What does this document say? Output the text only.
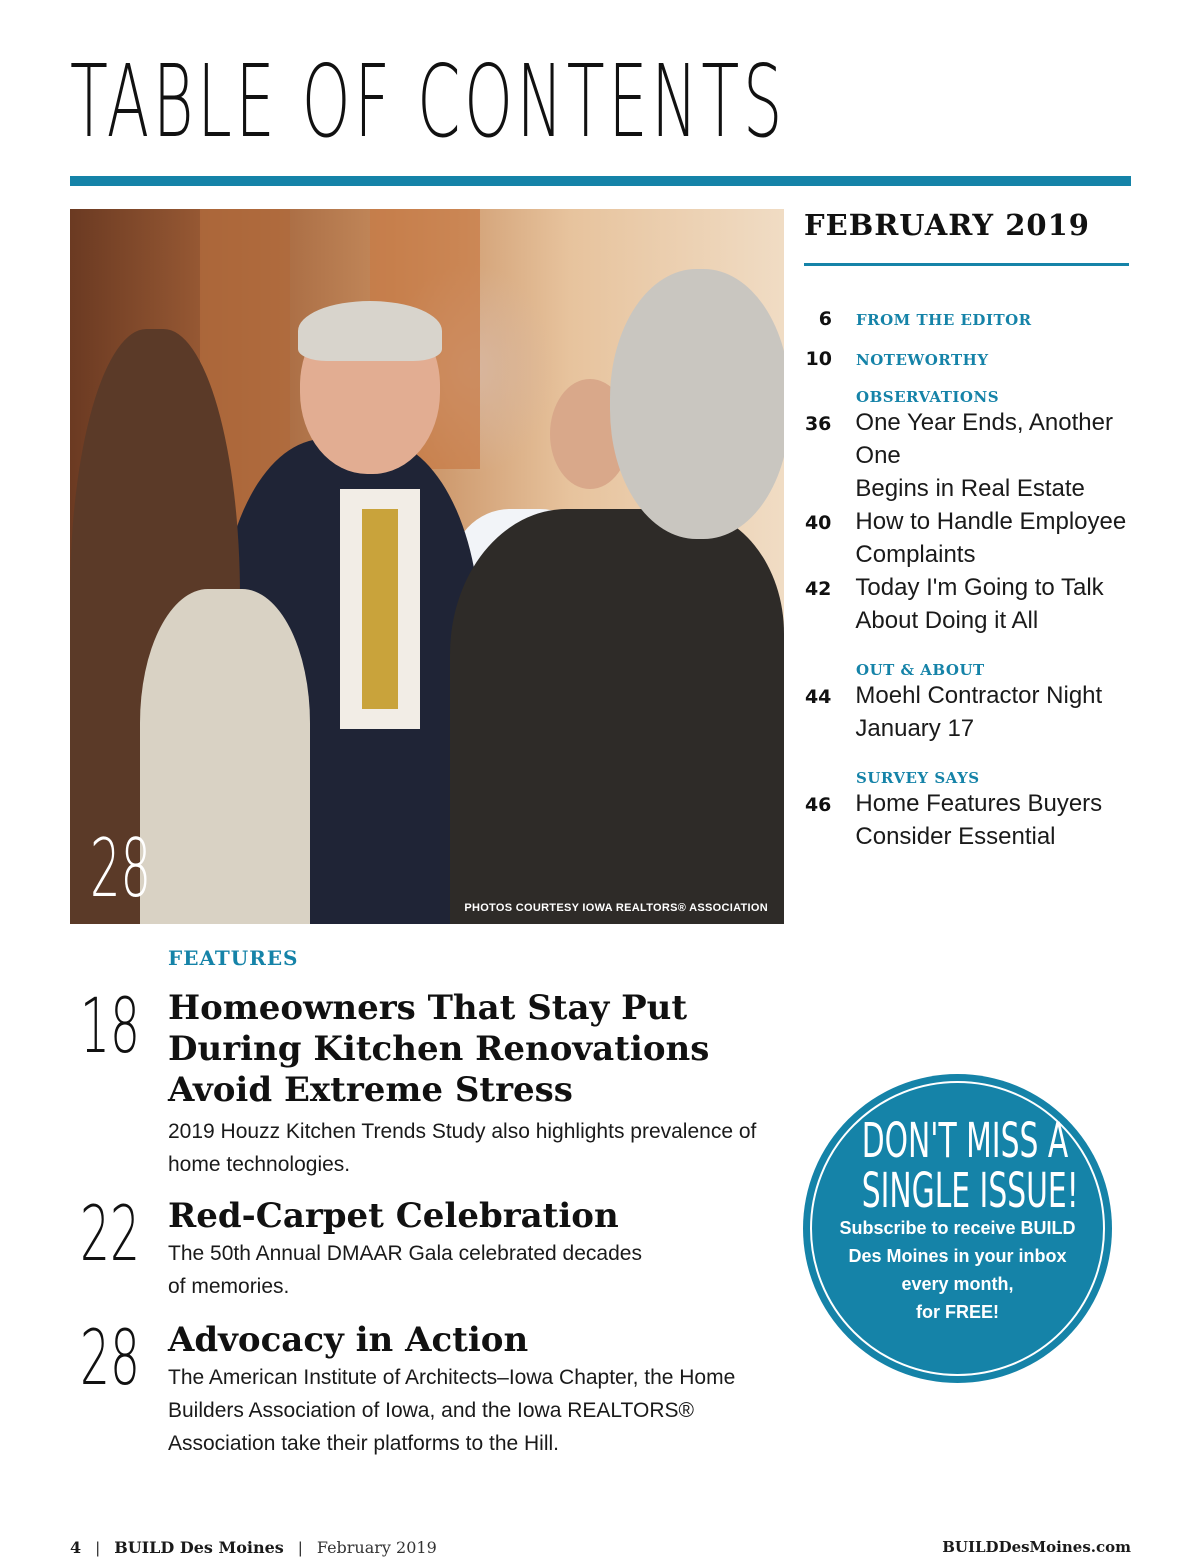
TABLE OF CONTENTS
28	PHOTOS COURTESY IOWA REALTORS® ASSOCIATION
FEBRUARY 2019
6 FROM THE EDITOR
10 NOTEWORTHY
OBSERVATIONS
36 One Year Ends, Another One
Begins in Real Estate
40 How to Handle Employee
Complaints
42 Today I'm Going to Talk
About Doing it All
OUT & ABOUT
44 Moehl Contractor Night
January 17
SURVEY SAYS
46 Home Features Buyers
Consider Essential
FEATURES
18 Homeowners That Stay Put
During Kitchen Renovations
Avoid Extreme Stress

2019 Houzz Kitchen Trends Study also highlights prevalence of
home technologies.

22 Red-Carpet Celebration

The 50th Annual DMAAR Gala celebrated decades
of memories.

28 Advocacy in Action

The American Institute of Architects–Iowa Chapter, the Home
Builders Association of Iowa, and the Iowa REALTORS®
Association take their platforms to the Hill.

DON'T MISS A
SINGLE ISSUE!
Subscribe to receive BUILD
Des Moines in your inbox
every month,
for FREE!
4 | BUILD Des Moines | February 2019	BUILDDesMoines.com
